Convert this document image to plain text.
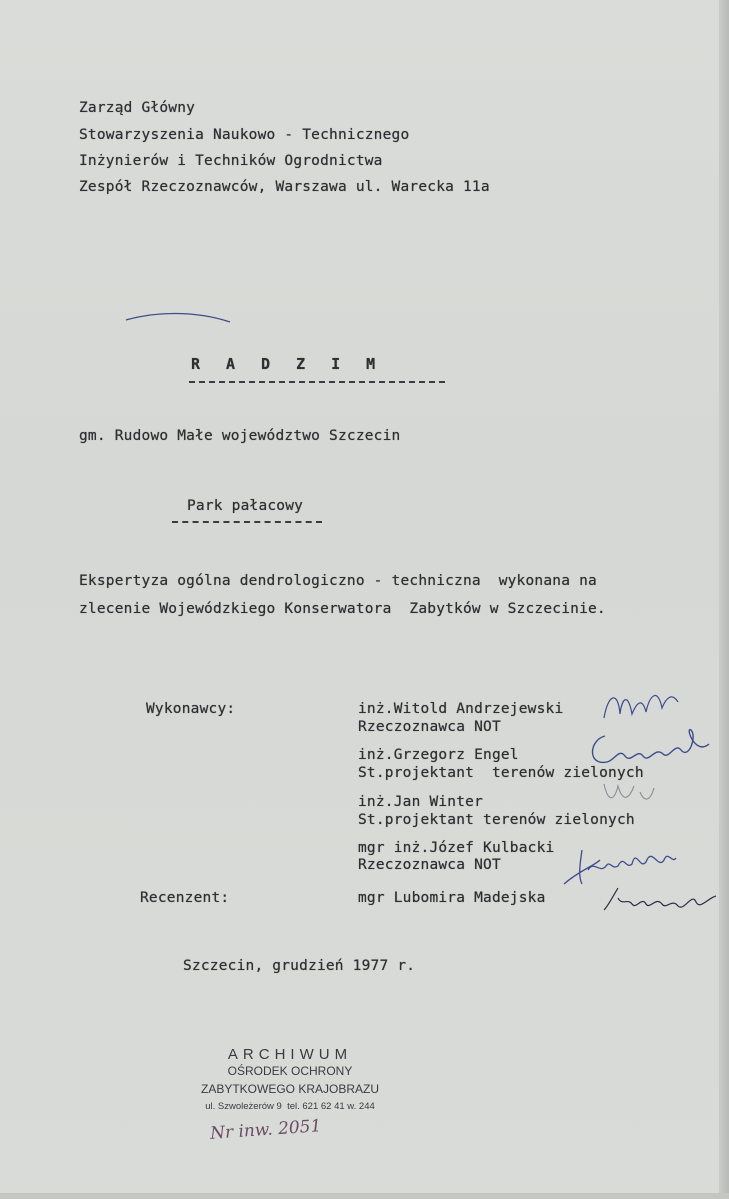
Zarząd Główny
Stowarzyszenia Naukowo - Technicznego
Inżynierów i Techników Ogrodnictwa
Zespół Rzeczoznawców, Warszawa ul. Warecka 11a
RADZIM
gm. Rudowo Małe województwo Szczecin
Park pałacowy
Ekspertyza ogólna dendrologiczno - techniczna  wykonana na
zlecenie Wojewódzkiego Konserwatora  Zabytków w Szczecinie.
Wykonawcy:	inż.Witold Andrzejewski
Rzeczoznawca NOT
inż.Grzegorz Engel
St.projektant  terenów zielonych
inż.Jan Winter
St.projektant terenów zielonych
mgr inż.Józef Kulbacki
Rzeczoznawca NOT
Recenzent:	mgr Lubomira Madejska
Szczecin, grudzień 1977 r.
ARCHIWUM
OŚRODEK OCHRONY
ZABYTKOWEGO KRAJOBRAZU
ul. Szwoleżerów 9  tel. 621 62 41 w. 244
Nr inw. 2051
